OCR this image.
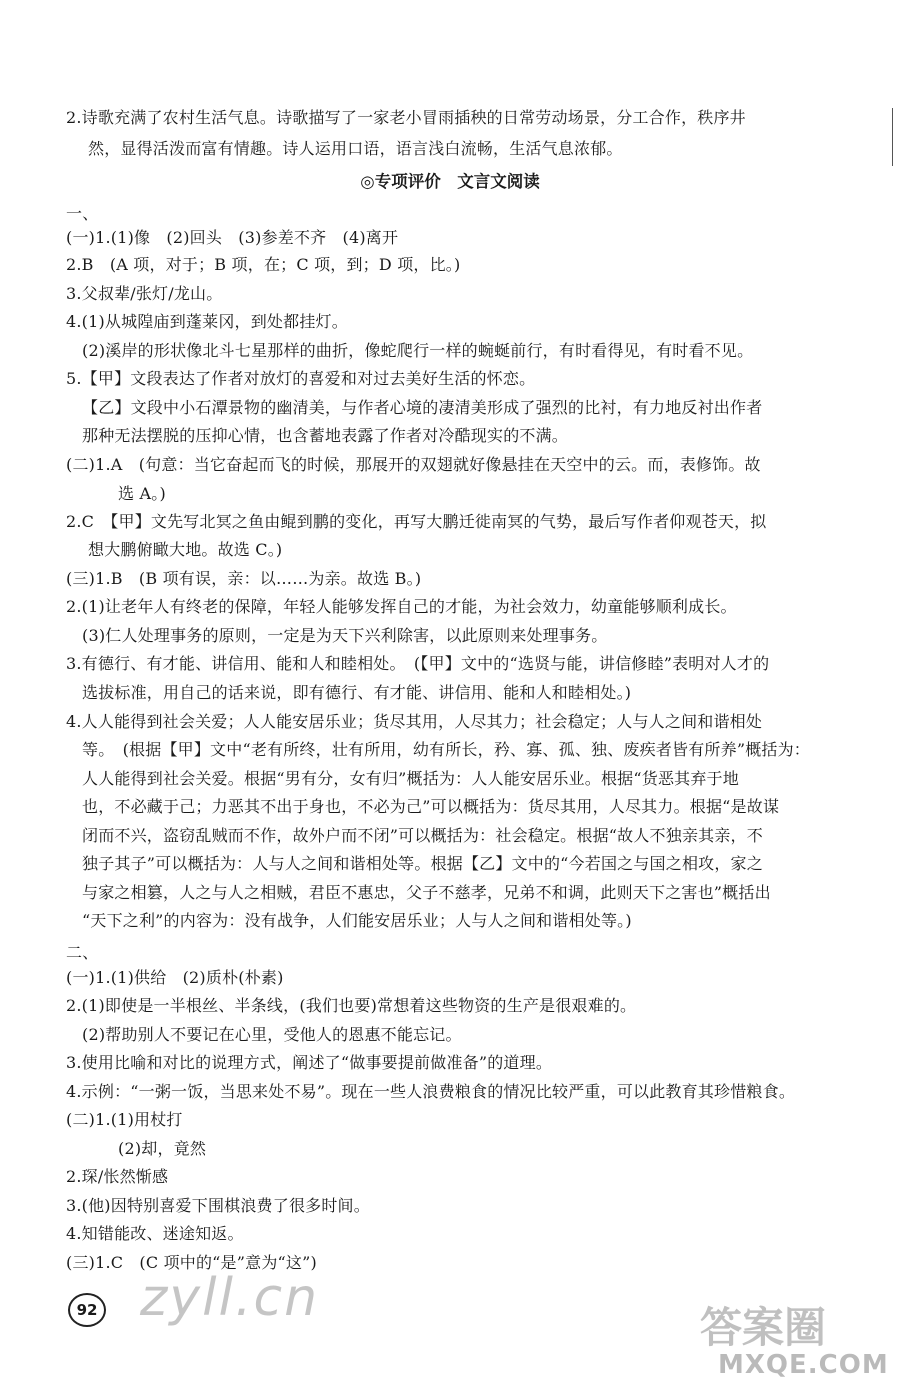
2.诗歌充满了农村生活气息。诗歌描写了一家老小冒雨插秧的日常劳动场景，分工合作，秩序井
然，显得活泼而富有情趣。诗人运用口语，语言浅白流畅，生活气息浓郁。
◎专项评价　文言文阅读
一、
(一)1.(1)像　(2)回头　(3)参差不齐　(4)离开
2.B　(A 项，对于；B 项，在；C 项，到；D 项，比。)
3.父叔辈/张灯/龙山。
4.(1)从城隍庙到蓬莱冈，到处都挂灯。
(2)溪岸的形状像北斗七星那样的曲折，像蛇爬行一样的蜿蜒前行，有时看得见，有时看不见。
5.【甲】文段表达了作者对放灯的喜爱和对过去美好生活的怀恋。
【乙】文段中小石潭景物的幽清美，与作者心境的凄清美形成了强烈的比衬，有力地反衬出作者
那种无法摆脱的压抑心情，也含蓄地表露了作者对冷酷现实的不满。
(二)1.A　(句意：当它奋起而飞的时候，那展开的双翅就好像悬挂在天空中的云。而，表修饰。故
选 A。)
2.C　【甲】文先写北冥之鱼由鲲到鹏的变化，再写大鹏迁徙南冥的气势，最后写作者仰观苍天，拟
想大鹏俯瞰大地。故选 C。)
(三)1.B　(B 项有误，亲：以……为亲。故选 B。)
2.(1)让老年人有终老的保障，年轻人能够发挥自己的才能，为社会效力，幼童能够顺利成长。
(3)仁人处理事务的原则，一定是为天下兴利除害，以此原则来处理事务。
3.有德行、有才能、讲信用、能和人和睦相处。　(【甲】文中的“选贤与能，讲信修睦”表明对人才的
选拔标准，用自己的话来说，即有德行、有才能、讲信用、能和人和睦相处。)
4.人人能得到社会关爱；人人能安居乐业；货尽其用，人尽其力；社会稳定；人与人之间和谐相处
等。　(根据【甲】文中“老有所终，壮有所用，幼有所长，矜、寡、孤、独、废疾者皆有所养”概括为：
人人能得到社会关爱。根据“男有分，女有归”概括为：人人能安居乐业。根据“货恶其弃于地
也，不必藏于己；力恶其不出于身也，不必为己”可以概括为：货尽其用，人尽其力。根据“是故谋
闭而不兴，盗窃乱贼而不作，故外户而不闭”可以概括为：社会稳定。根据“故人不独亲其亲，不
独子其子”可以概括为：人与人之间和谐相处等。根据【乙】文中的“今若国之与国之相攻，家之
与家之相篡，人之与人之相贼，君臣不惠忠，父子不慈孝，兄弟不和调，此则天下之害也”概括出
“天下之利”的内容为：没有战争，人们能安居乐业；人与人之间和谐相处等。)
二、
(一)1.(1)供给　(2)质朴(朴素)
2.(1)即使是一半根丝、半条线，(我们也要)常想着这些物资的生产是很艰难的。
(2)帮助别人不要记在心里，受他人的恩惠不能忘记。
3.使用比喻和对比的说理方式，阐述了“做事要提前做准备”的道理。
4.示例：“一粥一饭，当思来处不易”。现在一些人浪费粮食的情况比较严重，可以此教育其珍惜粮食。
(二)1.(1)用杖打
(2)却，竟然
2.琛/怅然惭感
3.(他)因特别喜爱下围棋浪费了很多时间。
4.知错能改、迷途知返。
(三)1.C　(C 项中的“是”意为“这”)
zyll.cn
92	答案圈
MXQE.COM
